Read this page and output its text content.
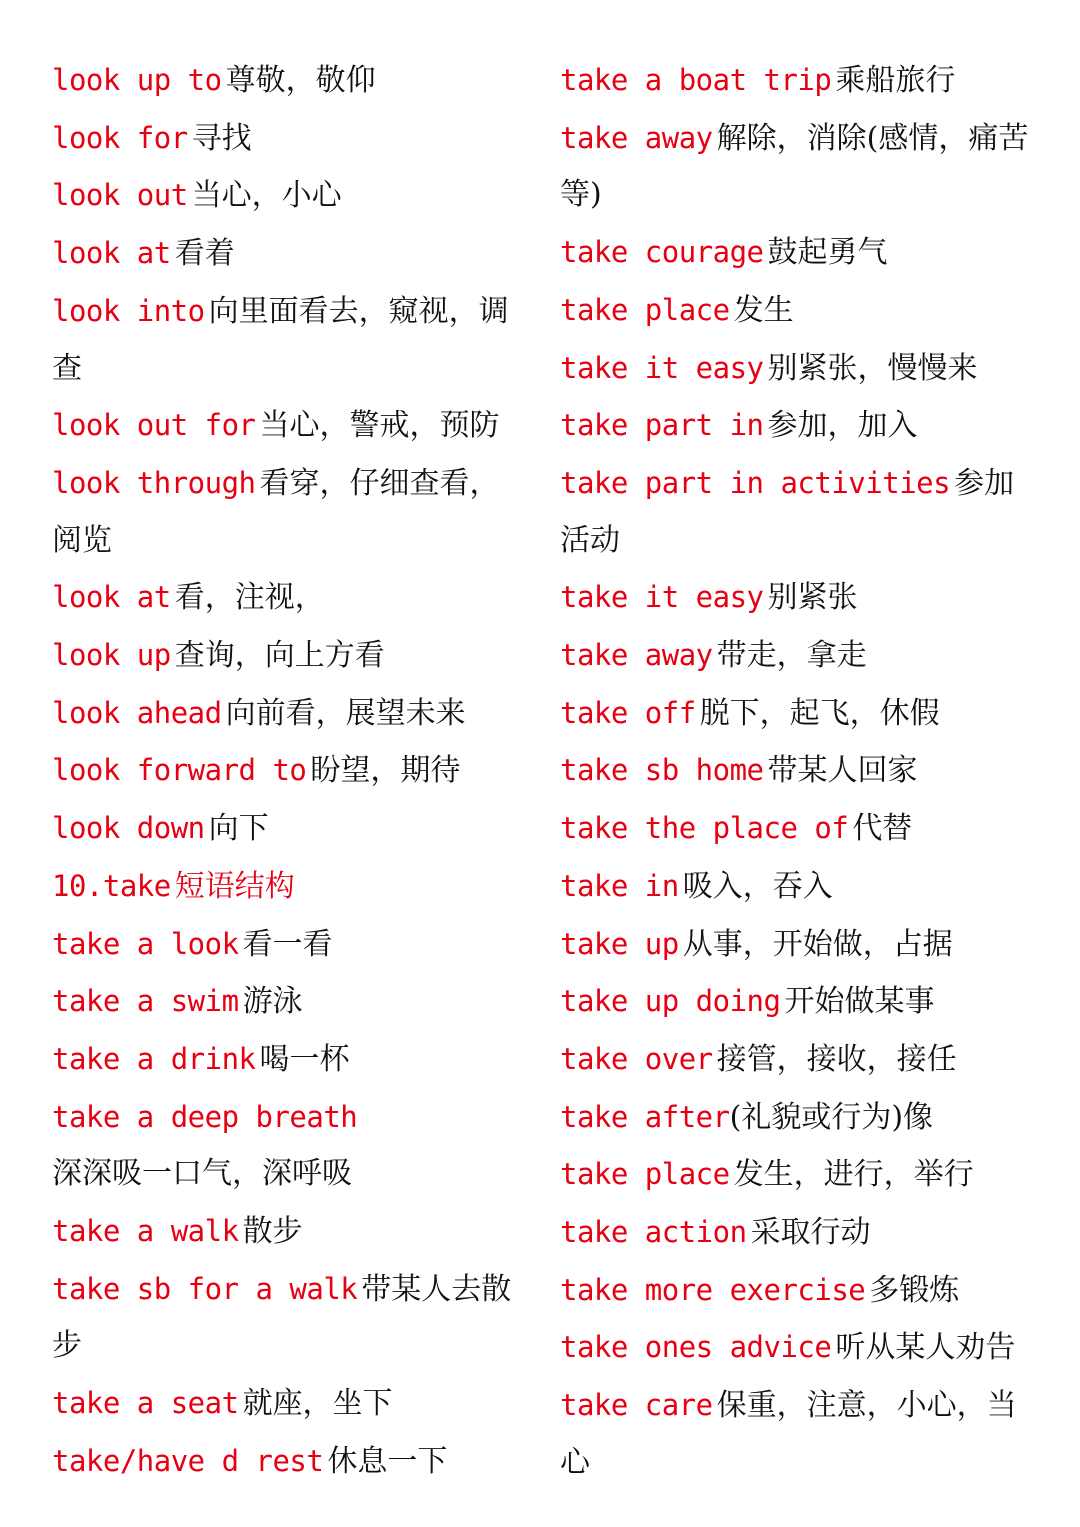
look up to 尊敬，敬仰
look for 寻找
look out 当心，小心
look at 看着
look into 向里面看去，窥视，调查
look out for 当心，警戒，预防
look through 看穿，仔细查看，阅览
look at 看，注视，
look up 查询，向上方看
look ahead 向前看，展望未来
look forward to 盼望，期待
look down 向下
10.take 短语结构
take a look 看一看
take a swim 游泳
take a drink 喝一杯
take a deep breath
深深吸一口气，深呼吸
take a walk 散步
take sb for a walk 带某人去散步
take a seat 就座，坐下
take/have d rest 休息一下
take a boat trip 乘船旅行
take away 解除，消除(感情，痛苦等)
take courage 鼓起勇气
take place 发生
take it easy 别紧张，慢慢来
take part in 参加，加入
take part in activities 参加活动
take it easy 别紧张
take away 带走，拿走
take off 脱下，起飞，休假
take sb home 带某人回家
take the place of 代替
take in 吸入，吞入
take up 从事，开始做，占据
take up doing 开始做某事
take over 接管，接收，接任
take after(礼貌或行为)像
take place 发生，进行，举行
take action 采取行动
take more exercise 多锻炼
take ones advice 听从某人劝告
take care 保重，注意，小心，当心
